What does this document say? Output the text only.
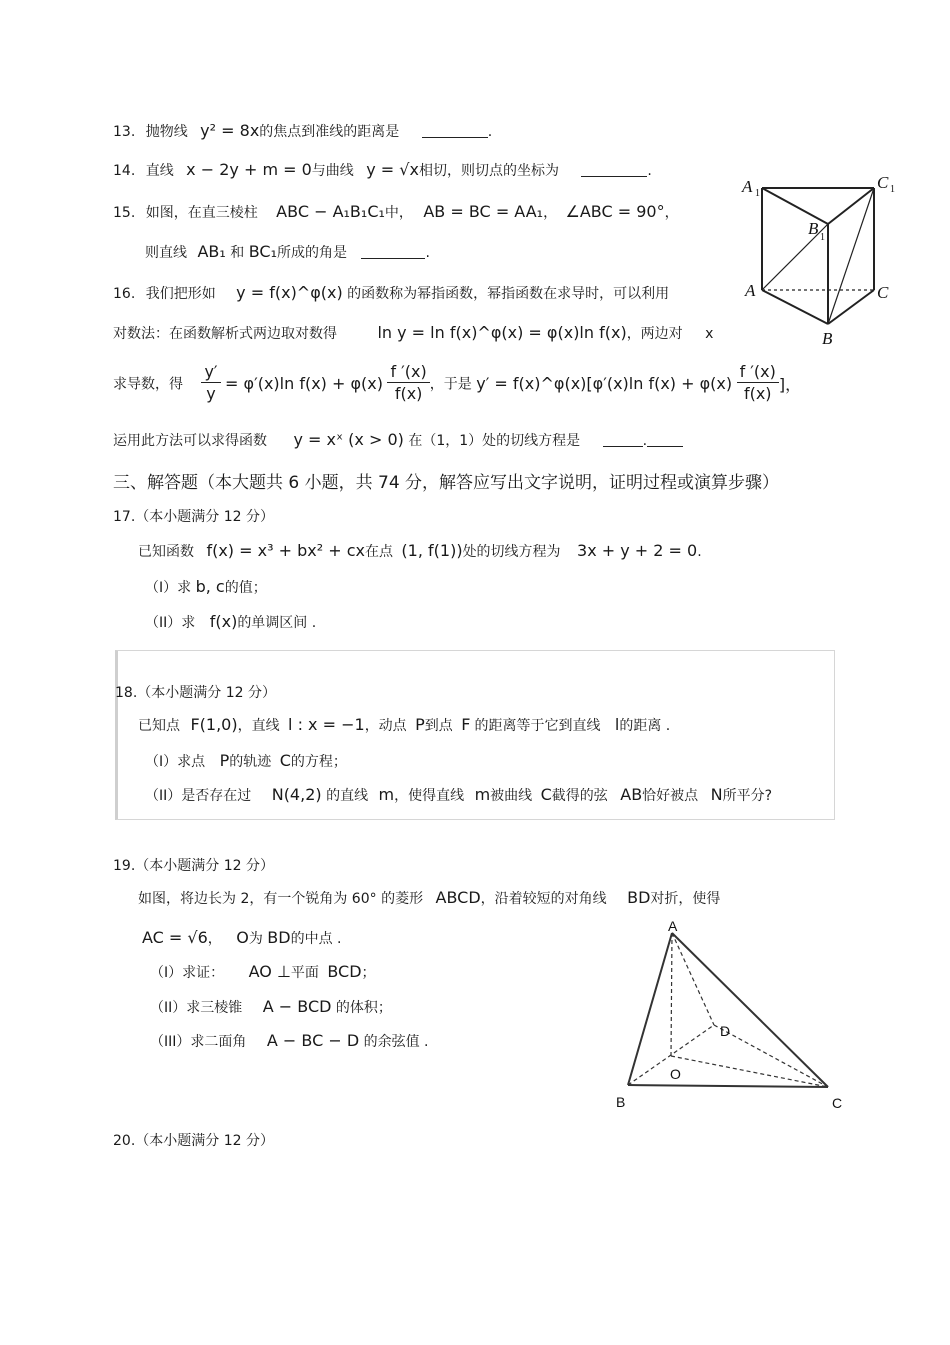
13. 抛物线 y² = 8x的焦点到准线的距离是	.
14. 直线 x − 2y + m = 0与曲线 y = √x相切，则切点的坐标为	.
15. 如图，在直三棱柱 ABC − A₁B₁C₁中， AB = BC = AA₁， ∠ABC = 90°，
则直线 AB₁ 和 BC₁所成的角是	.
A 1
C 1
B 1
A	C
B
16. 我们把形如 y = f(x)^φ(x) 的函数称为幂指函数，幂指函数在求导时，可以利用
对数法：在函数解析式两边取对数得	ln y = ln f(x)^φ(x) = φ(x)ln f(x)，两边对 x
求导数，得 $\frac{y'}{y} = \varphi'(x)\ln$ $f(x) + \varphi(x) \frac{f '(x)}{f(x)}$ ，于是 y′ = f(x)^φ(x)[φ′(x)ln $f(x) + \varphi(x) \frac{f '(x)}{f(x)}$ ]，
运用此方法可以求得函数 y = xˣ (x > 0) 在（1，1）处的切线方程是	.
三、解答题（本大题共 6 小题，共 74 分，解答应写出文字说明，证明过程或演算步骤）
17.（本小题满分 12 分）
已知函数 f(x) = x³ + bx² + cx在点 (1, f(1))处的切线方程为 3x + y + 2 = 0.
（I）求 b, c的值；
（II）求 f(x)的单调区间 .
18.（本小题满分 12 分）
已知点 F(1,0)，直线 l : x = −1，动点 P到点 F 的距离等于它到直线 l的距离 .
（I）求点 P的轨迹 C的方程；
（II）是否存在过 N(4,2) 的直线 m，使得直线 m被曲线 C截得的弦 AB恰好被点 N所平分?
19.（本小题满分 12 分）
如图，将边长为 2，有一个锐角为 60° 的菱形 ABCD，沿着较短的对角线 BD对折，使得
AC = √6， O为 BD的中点 .
（I）求证： AO ⊥平面 BCD；
（II）求三棱锥 A − BCD 的体积；
（III）求二面角 A − BC − D 的余弦值 .
A
D
O
B	C
20.（本小题满分 12 分）
